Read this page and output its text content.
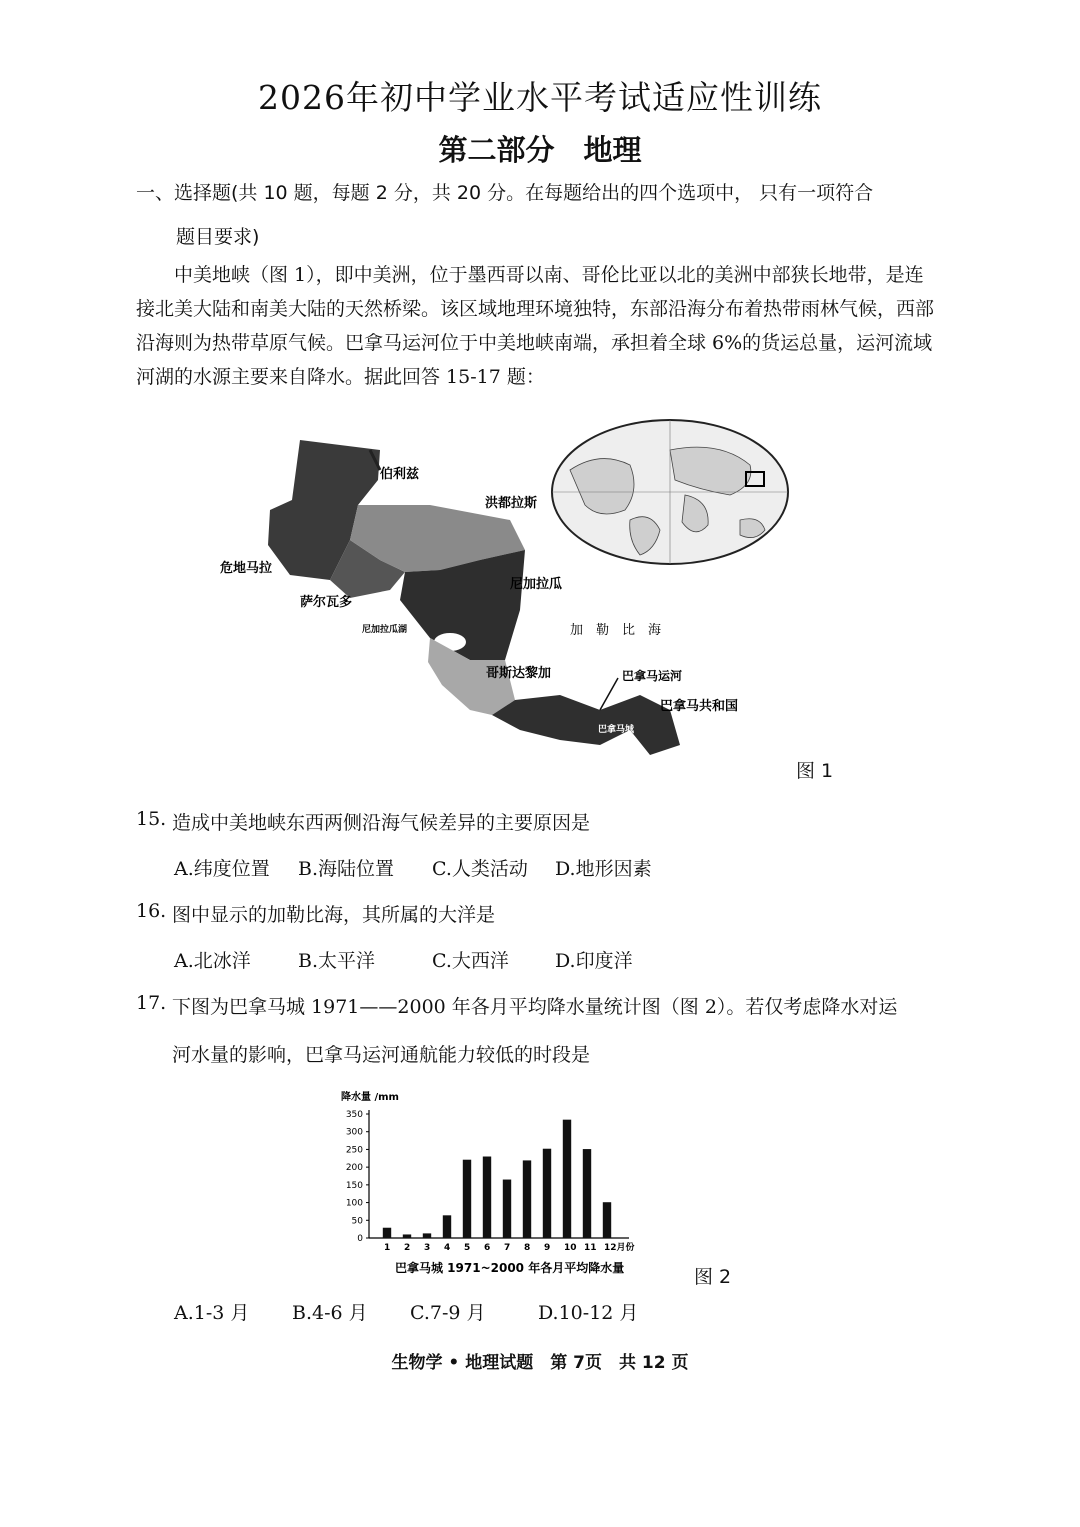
2026年初中学业水平考试适应性训练
第二部分　地理
一、选择题(共 10 题，每题 2 分，共 20 分。在每题给出的四个选项中， 只有一项符合
题目要求)

中美地峡（图 1），即中美洲，位于墨西哥以南、哥伦比亚以北的美洲中部狭长地带，是连接北美大陆和南美大陆的天然桥梁。该区域地理环境独特，东部沿海分布着热带雨林气候，西部沿海则为热带草原气候。巴拿马运河位于中美地峡南端，承担着全球 6%的货运总量，运河流域河湖的水源主要来自降水。据此回答 15-17 题：

伯利兹
洪都拉斯
危地马拉
萨尔瓦多
尼加拉瓜
加　勒　比　海
尼加拉瓜湖
哥斯达黎加	巴拿马运河
巴拿马共和国
巴拿马城
图 1
15. 造成中美地峡东西两侧沿海气候差异的主要原因是
A.纬度位置 B.海陆位置 C.人类活动 D.地形因素
16. 图中显示的加勒比海，其所属的大洋是
A.北冰洋 B.太平洋	C.大西洋 D.印度洋
17. 下图为巴拿马城 1971——2000 年各月平均降水量统计图（图 2）。若仅考虑降水对运
河水量的影响，巴拿马运河通航能力较低的时段是
降水量 /mm
0
50
100
150
200
250
300
350
1 2 3 4 5 6 7 8 9 10 11 12月份
巴拿马城 1971~2000 年各月平均降水量	图 2
A.1-3 月 B.4-6 月 C.7-9 月	D.10-12 月
生物学 • 地理试题　第 7页　共 12 页
